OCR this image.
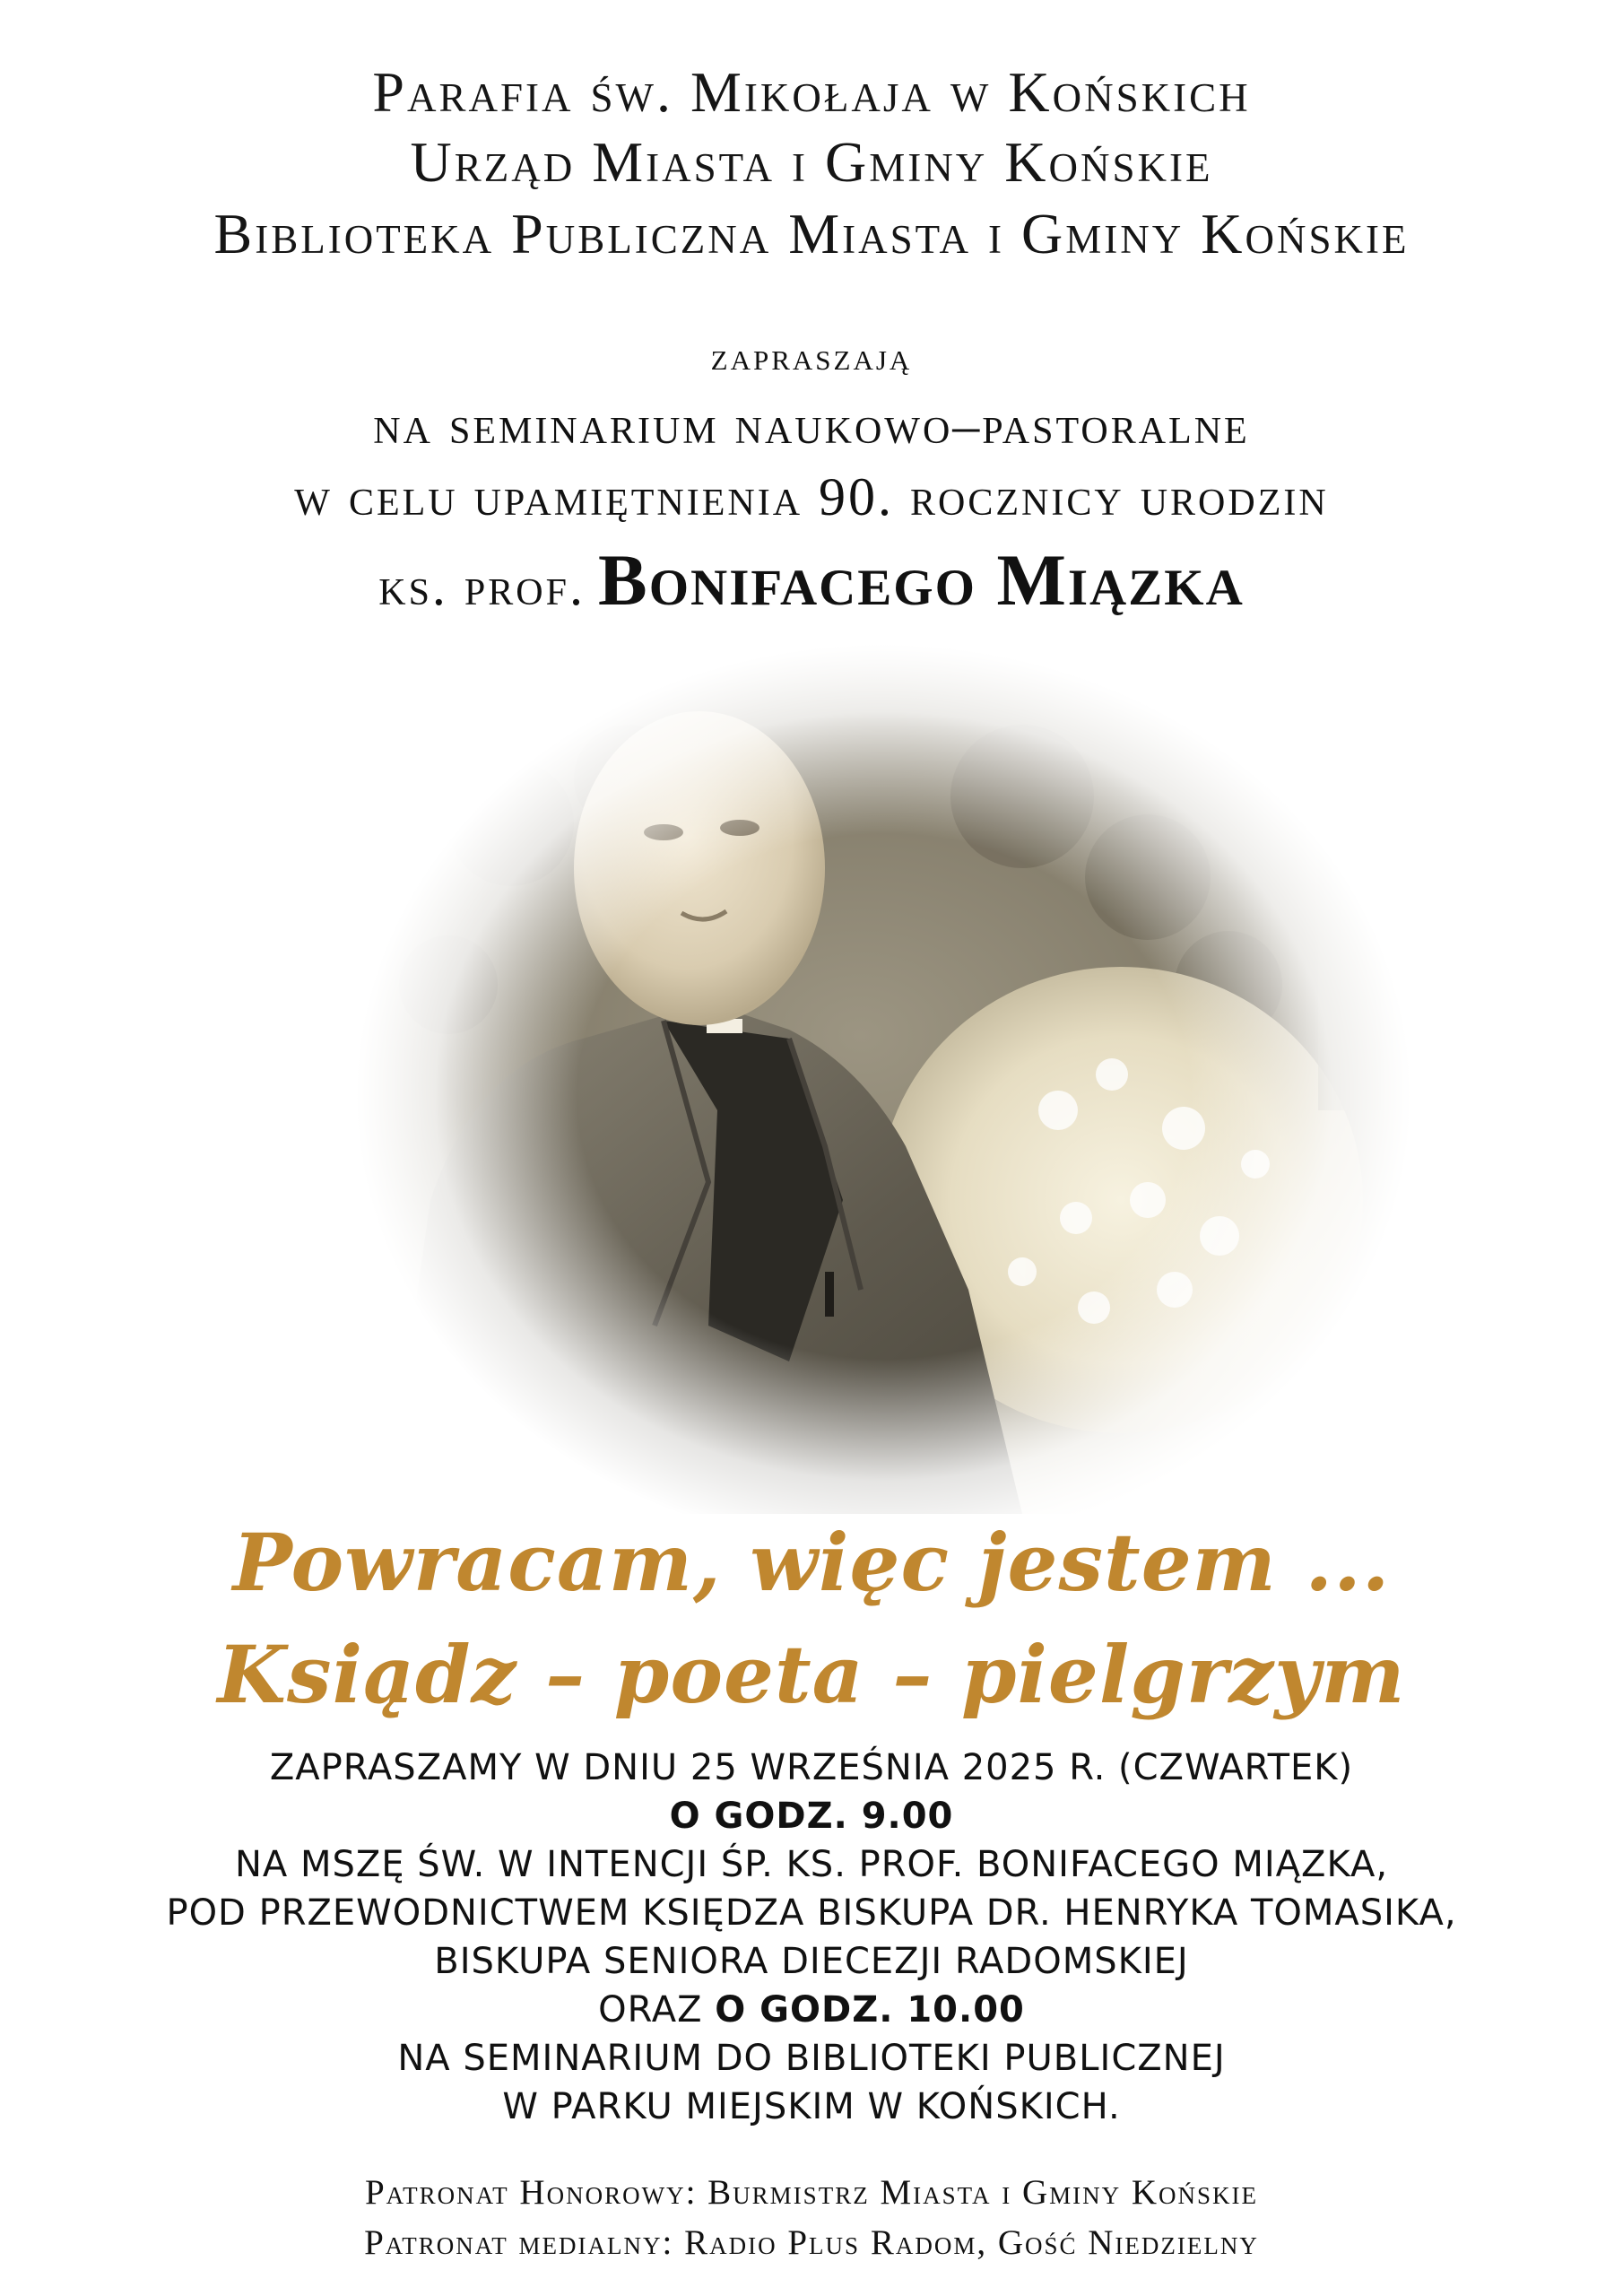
Parafia św. Mikołaja w Końskich
Urząd Miasta i Gminy Końskie
Biblioteka Publiczna Miasta i Gminy Końskie
zapraszają
na seminarium naukowo–pastoralne
w celu upamiętnienia 90. rocznicy urodzin
ks. prof. Bonifacego Miązka
Powracam, więc jestem ...
Ksiądz – poeta – pielgrzym
ZAPRASZAMY W DNIU 25 WRZEŚNIA 2025 R. (CZWARTEK)
O GODZ. 9.00
NA MSZĘ ŚW. W INTENCJI ŚP. KS. PROF. BONIFACEGO MIĄZKA,
POD PRZEWODNICTWEM KSIĘDZA BISKUPA DR. HENRYKA TOMASIKA,
BISKUPA SENIORA DIECEZJI RADOMSKIEJ
ORAZ O GODZ. 10.00
NA SEMINARIUM DO BIBLIOTEKI PUBLICZNEJ
W PARKU MIEJSKIM W KOŃSKICH.
Patronat Honorowy: Burmistrz Miasta i Gminy Końskie
Patronat medialny: Radio Plus Radom, Gość Niedzielny
